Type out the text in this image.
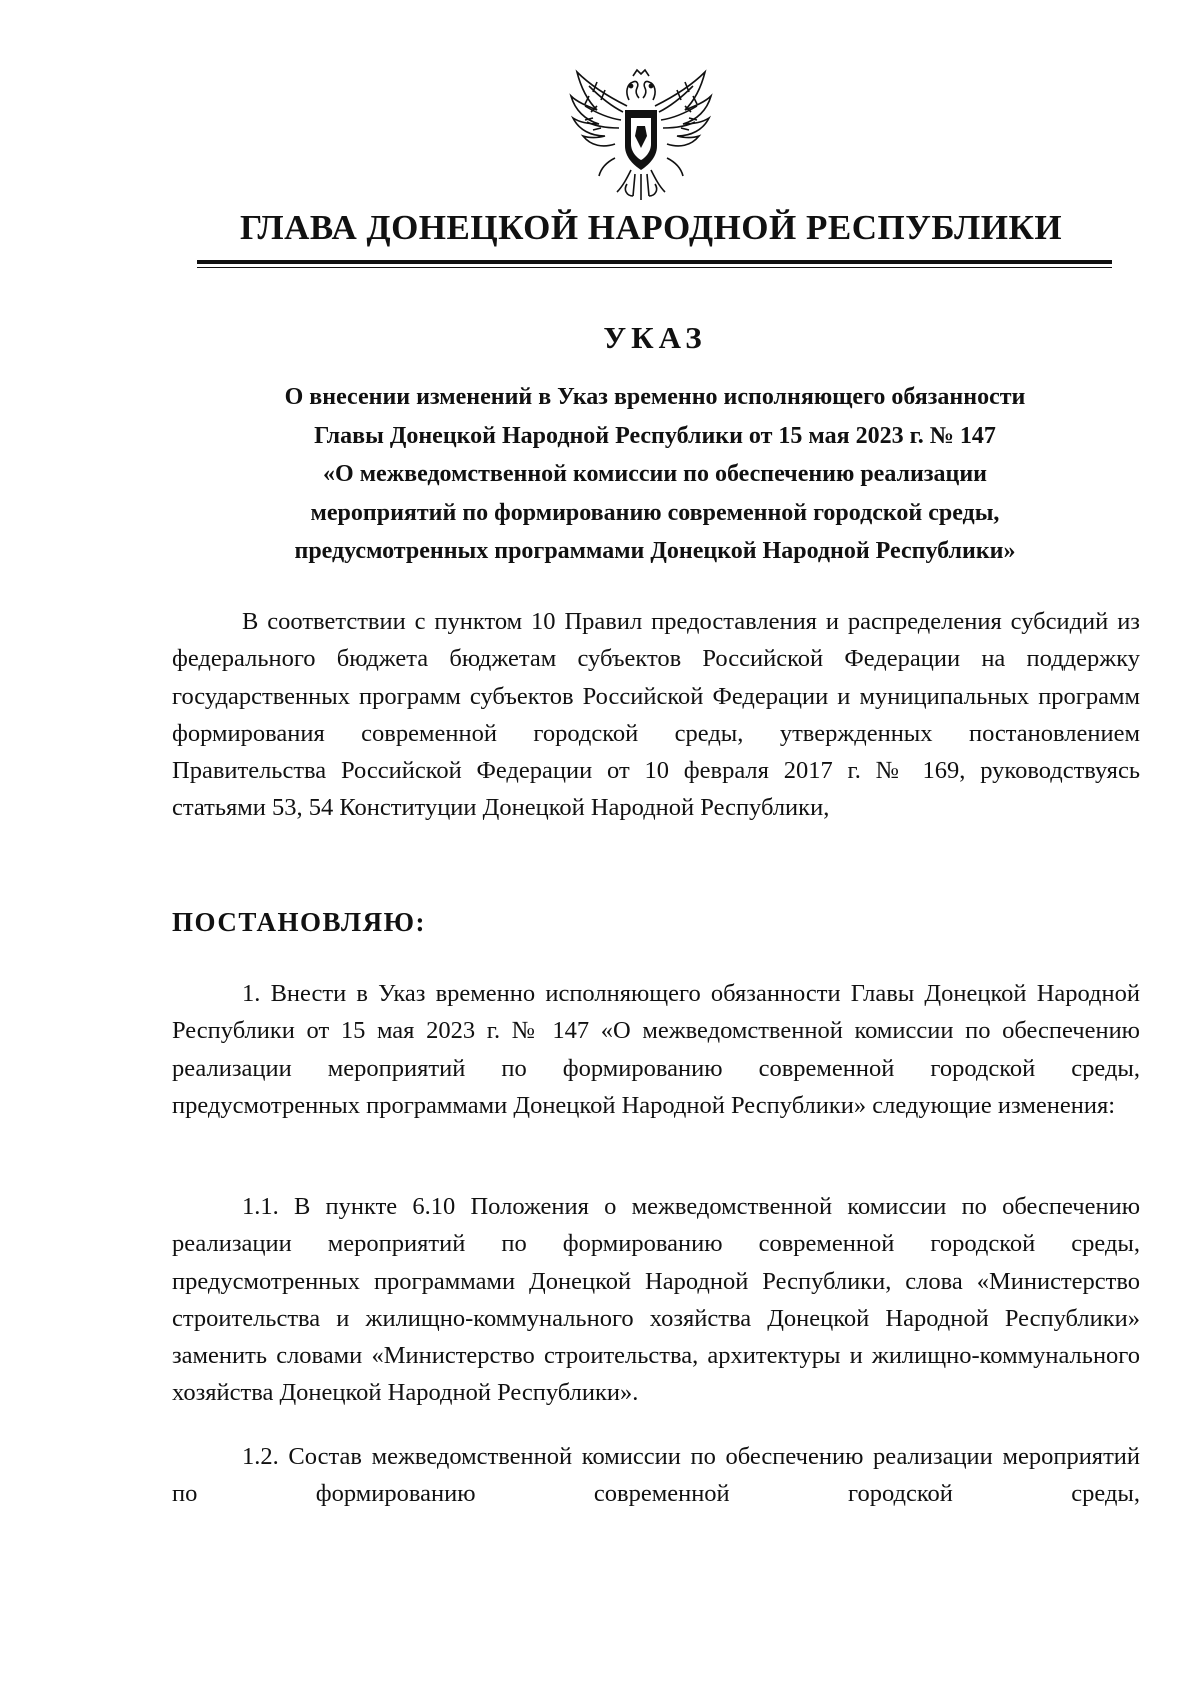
ГЛАВА ДОНЕЦКОЙ НАРОДНОЙ РЕСПУБЛИКИ
УКАЗ
О внесении изменений в Указ временно исполняющего обязанности
Главы Донецкой Народной Республики от 15 мая 2023 г. № 147
«О межведомственной комиссии по обеспечению реализации
мероприятий по формированию современной городской среды,
предусмотренных программами Донецкой Народной Республики»

В соответствии с пунктом 10 Правил предоставления и распределения субсидий из федерального бюджета бюджетам субъектов Российской Федерации на поддержку государственных программ субъектов Российской Федерации и муниципальных программ формирования современной городской среды, утвержденных постановлением Правительства Российской Федерации от 10 февраля 2017 г. № 169, руководствуясь статьями 53, 54 Конституции Донецкой Народной Республики,

ПОСТАНОВЛЯЮ:

1. Внести в Указ временно исполняющего обязанности Главы Донецкой Народной Республики от 15 мая 2023 г. № 147 «О межведомственной комиссии по обеспечению реализации мероприятий по формированию современной городской среды, предусмотренных программами Донецкой Народной Республики» следующие изменения:

1.1. В пункте 6.10 Положения о межведомственной комиссии по обеспечению реализации мероприятий по формированию современной городской среды, предусмотренных программами Донецкой Народной Республики, слова «Министерство строительства и жилищно-коммунального хозяйства Донецкой Народной Республики» заменить словами «Министерство строительства, архитектуры и жилищно-коммунального хозяйства Донецкой Народной Республики».

1.2. Состав межведомственной комиссии по обеспечению реализации мероприятий по формированию современной городской среды,
